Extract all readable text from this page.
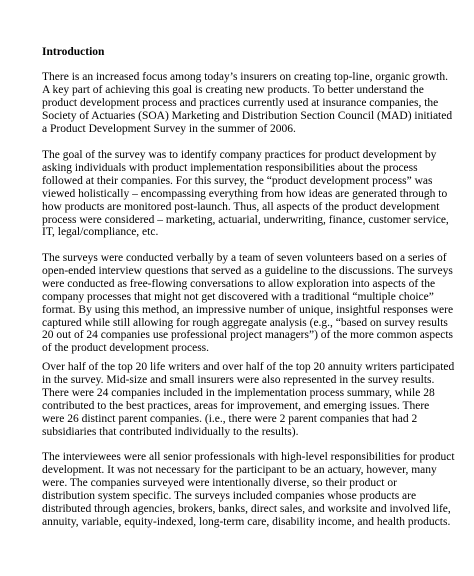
Introduction

There is an increased focus among today’s insurers on creating top-line, organic growth.
A key part of achieving this goal is creating new products. To better understand the
product development process and practices currently used at insurance companies, the
Society of Actuaries (SOA) Marketing and Distribution Section Council (MAD) initiated
a Product Development Survey in the summer of 2006.

The goal of the survey was to identify company practices for product development by
asking individuals with product implementation responsibilities about the process
followed at their companies. For this survey, the “product development process” was
viewed holistically – encompassing everything from how ideas are generated through to
how products are monitored post-launch. Thus, all aspects of the product development
process were considered – marketing, actuarial, underwriting, finance, customer service,
IT, legal/compliance, etc.

The surveys were conducted verbally by a team of seven volunteers based on a series of
open-ended interview questions that served as a guideline to the discussions. The surveys
were conducted as free-flowing conversations to allow exploration into aspects of the
company processes that might not get discovered with a traditional “multiple choice”
format. By using this method, an impressive number of unique, insightful responses were
captured while still allowing for rough aggregate analysis (e.g., “based on survey results
20 out of 24 companies use professional project managers”) of the more common aspects
of the product development process.

Over half of the top 20 life writers and over half of the top 20 annuity writers participated
in the survey. Mid-size and small insurers were also represented in the survey results.
There were 24 companies included in the implementation process summary, while 28
contributed to the best practices, areas for improvement, and emerging issues. There
were 26 distinct parent companies. (i.e., there were 2 parent companies that had 2
subsidiaries that contributed individually to the results).

The interviewees were all senior professionals with high-level responsibilities for product
development. It was not necessary for the participant to be an actuary, however, many
were. The companies surveyed were intentionally diverse, so their product or
distribution system specific. The surveys included companies whose products are
distributed through agencies, brokers, banks, direct sales, and worksite and involved life,
annuity, variable, equity-indexed, long-term care, disability income, and health products.
